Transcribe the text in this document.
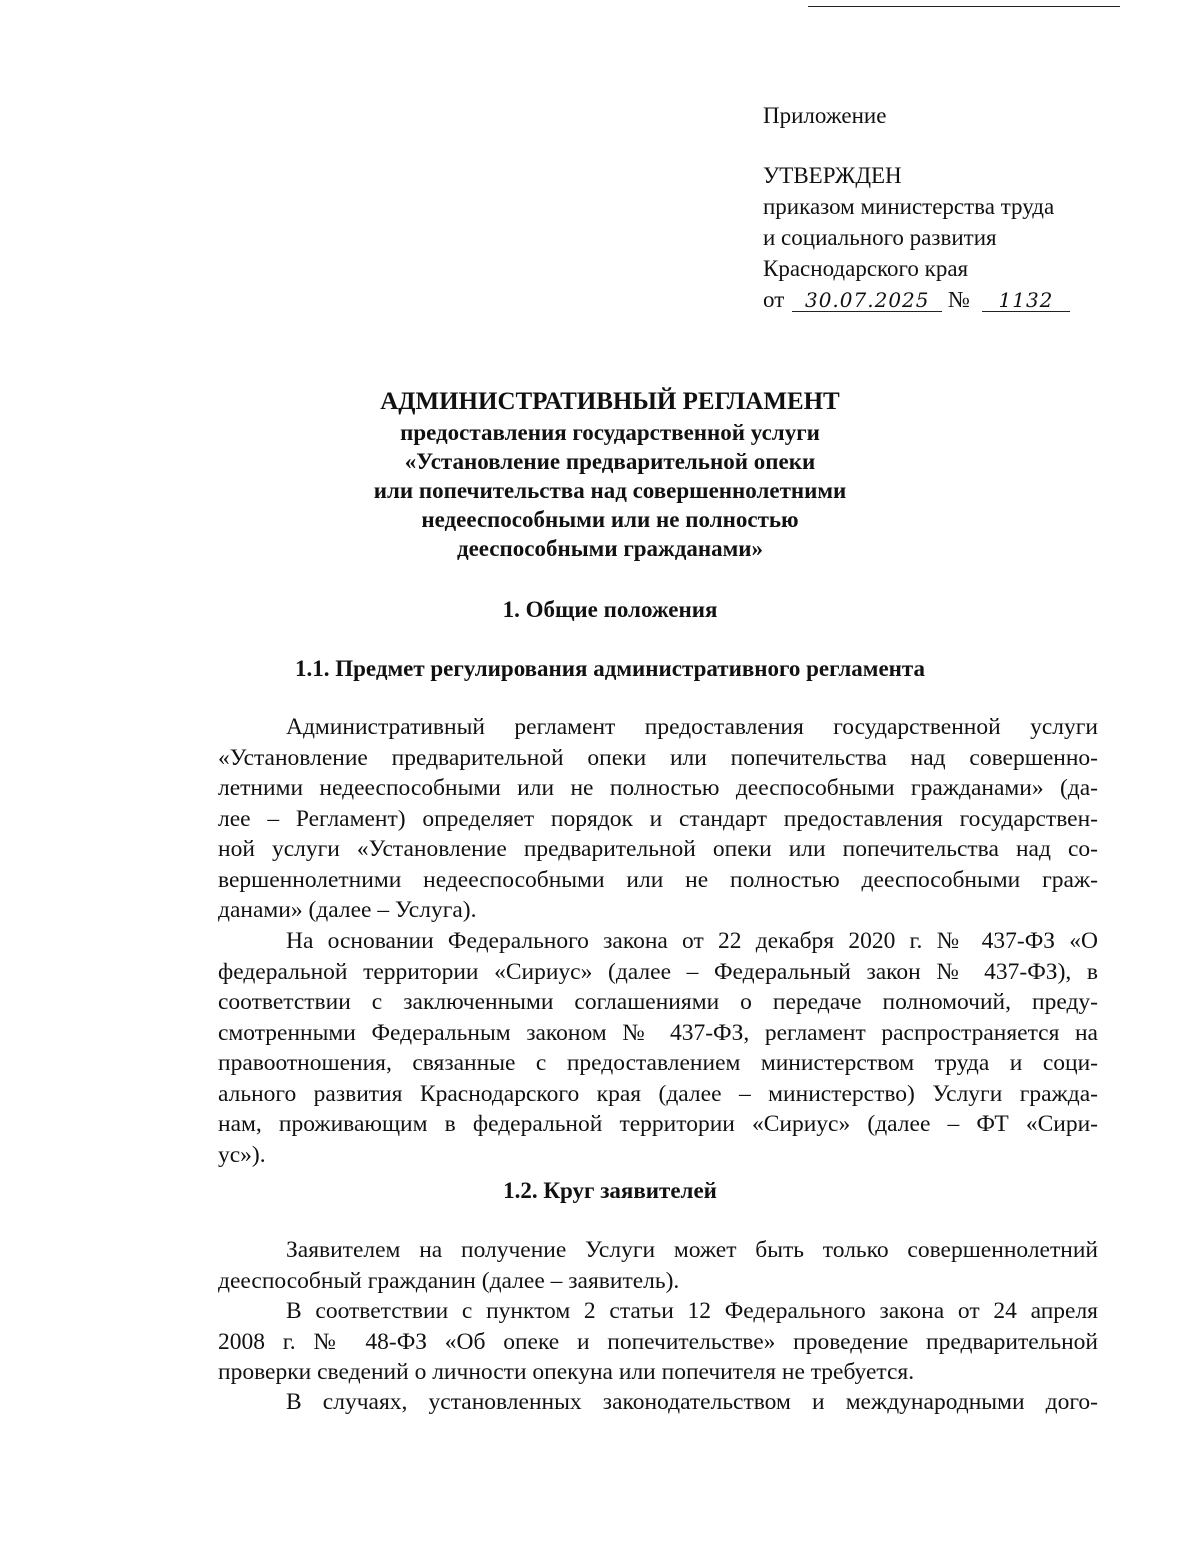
Приложение
УТВЕРЖДЕН
приказом министерства труда
и социального развития
Краснодарского края
от 30.07.2025 № 1132
АДМИНИСТРАТИВНЫЙ РЕГЛАМЕНТ
предоставления государственной услуги
«Установление предварительной опеки
или попечительства над совершеннолетними
недееспособными или не полностью
дееспособными гражданами»
1. Общие положения
1.1. Предмет регулирования административного регламента
Административный регламент предоставления государственной услуги
«Установление предварительной опеки или попечительства над совершенно-
летними недееспособными или не полностью дееспособными гражданами» (да-
лее – Регламент) определяет порядок и стандарт предоставления государствен-
ной услуги «Установление предварительной опеки или попечительства над со-
вершеннолетними недееспособными или не полностью дееспособными граж-
данами» (далее – Услуга).
На основании Федерального закона от 22 декабря 2020 г. № 437-ФЗ «О
федеральной территории «Сириус» (далее – Федеральный закон № 437-ФЗ), в
соответствии с заключенными соглашениями о передаче полномочий, преду-
смотренными Федеральным законом № 437-ФЗ, регламент распространяется на
правоотношения, связанные с предоставлением министерством труда и соци-
ального развития Краснодарского края (далее – министерство) Услуги гражда-
нам, проживающим в федеральной территории «Сириус» (далее – ФТ «Сири-
ус»).
1.2. Круг заявителей
Заявителем на получение Услуги может быть только совершеннолетний
дееспособный гражданин (далее – заявитель).
В соответствии с пунктом 2 статьи 12 Федерального закона от 24 апреля
2008 г. № 48-ФЗ «Об опеке и попечительстве» проведение предварительной
проверки сведений о личности опекуна или попечителя не требуется.
В случаях, установленных законодательством и международными дого-
